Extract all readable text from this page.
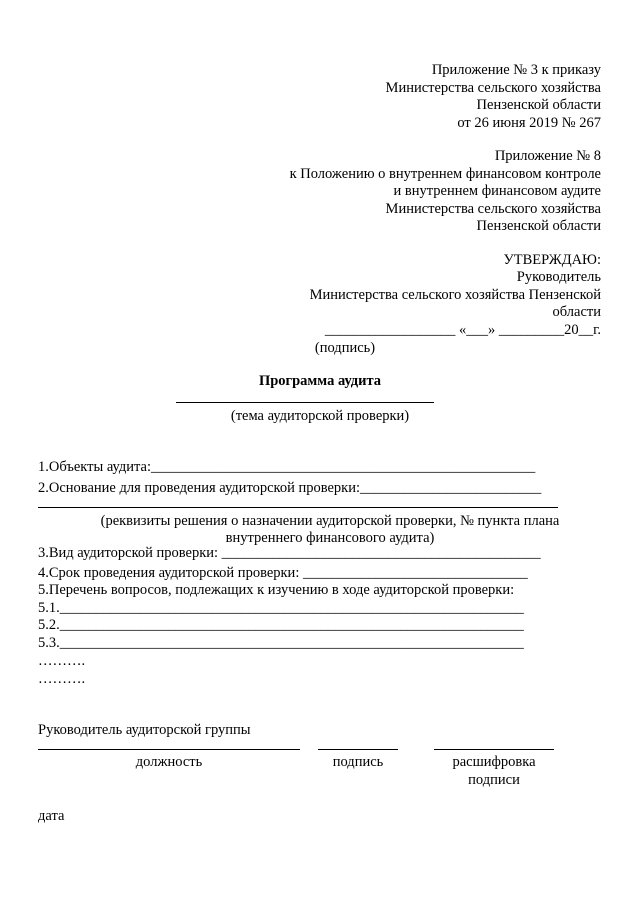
Приложение № 3 к приказу
Министерства сельского хозяйства
Пензенской области
от 26 июня 2019 № 267
Приложение № 8
к Положению о внутреннем финансовом контроле
и внутреннем финансовом аудите
Министерства сельского хозяйства
Пензенской области
УТВЕРЖДАЮ:
Руководитель
Министерства сельского хозяйства Пензенской
области
__________________ «___» _________20__г.
(подпись)
Программа аудита
(тема аудиторской проверки)
1.Объекты аудита:_____________________________________________________
2.Основание для проведения аудиторской проверки:_________________________
(реквизиты решения о назначении аудиторской проверки, № пункта плана
внутреннего финансового аудита)
3.Вид аудиторской проверки: ____________________________________________
4.Срок проведения аудиторской проверки: _______________________________
5.Перечень вопросов, подлежащих к изучению в ходе аудиторской проверки:
5.1.________________________________________________________________
5.2.________________________________________________________________
5.3.________________________________________________________________
……….
……….
Руководитель аудиторской группы
должность	подпись	расшифровка
подписи
дата
